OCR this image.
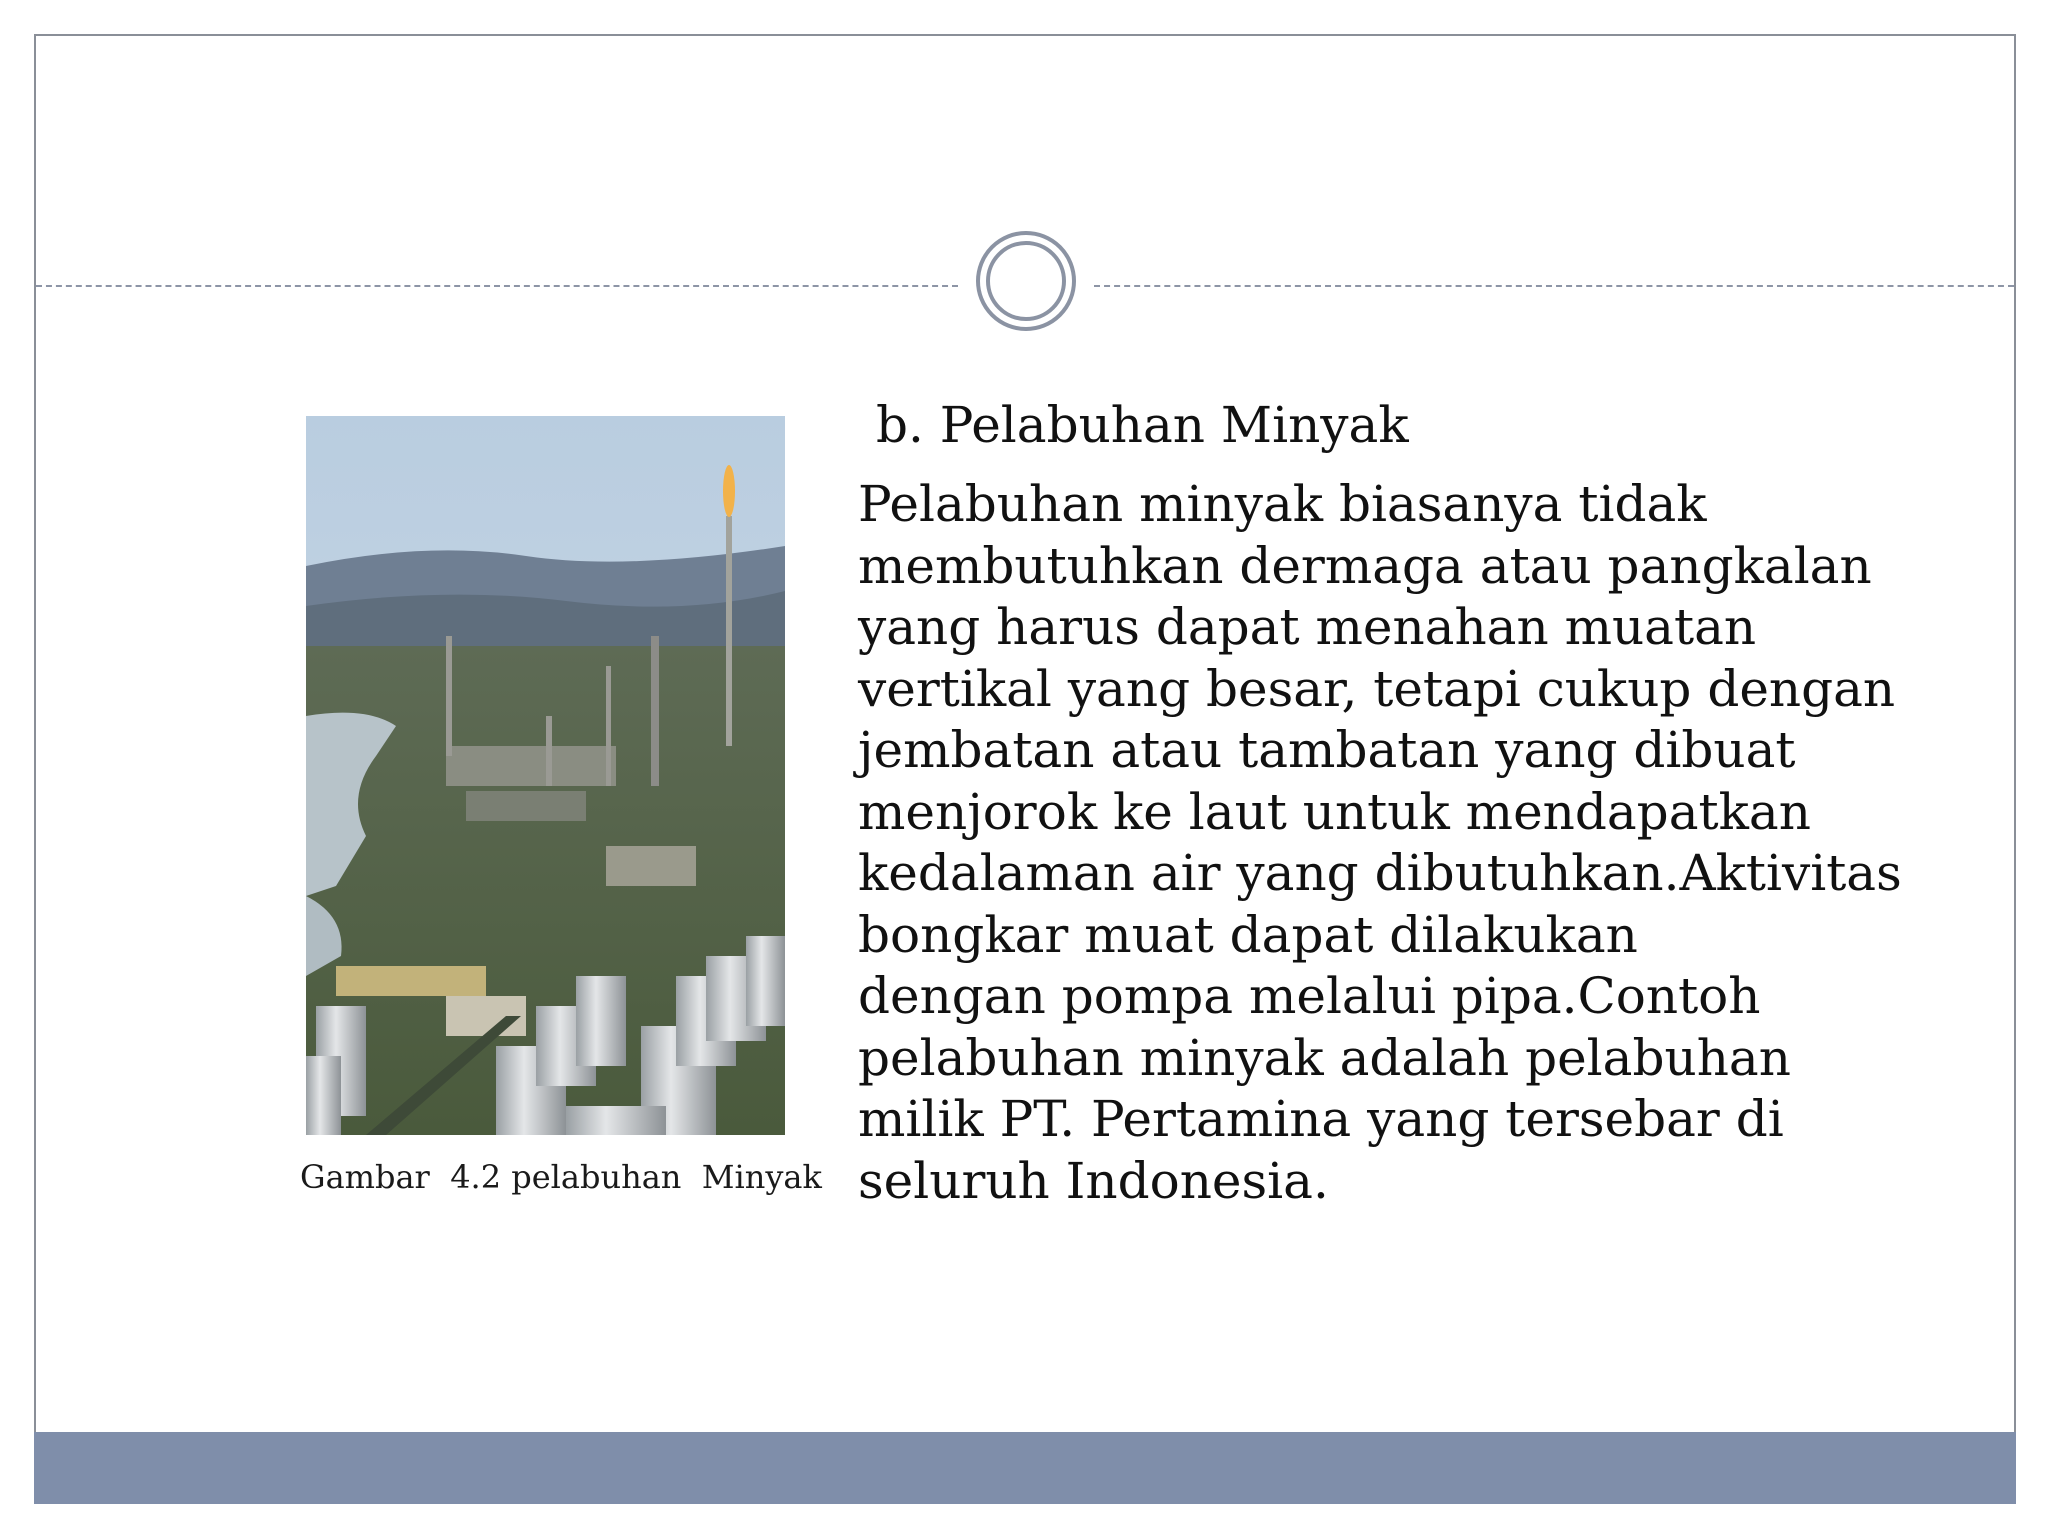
Gambar  4.2 pelabuhan  Minyak
b. Pelabuhan Minyak
Pelabuhan minyak biasanya tidak
membutuhkan dermaga atau pangkalan
yang harus dapat menahan muatan
vertikal yang besar, tetapi cukup dengan
jembatan atau tambatan yang dibuat
menjorok ke laut untuk mendapatkan
kedalaman air yang dibutuhkan.Aktivitas
bongkar muat dapat dilakukan
dengan pompa melalui pipa.Contoh
pelabuhan minyak adalah pelabuhan
milik PT. Pertamina yang tersebar di
seluruh Indonesia.
